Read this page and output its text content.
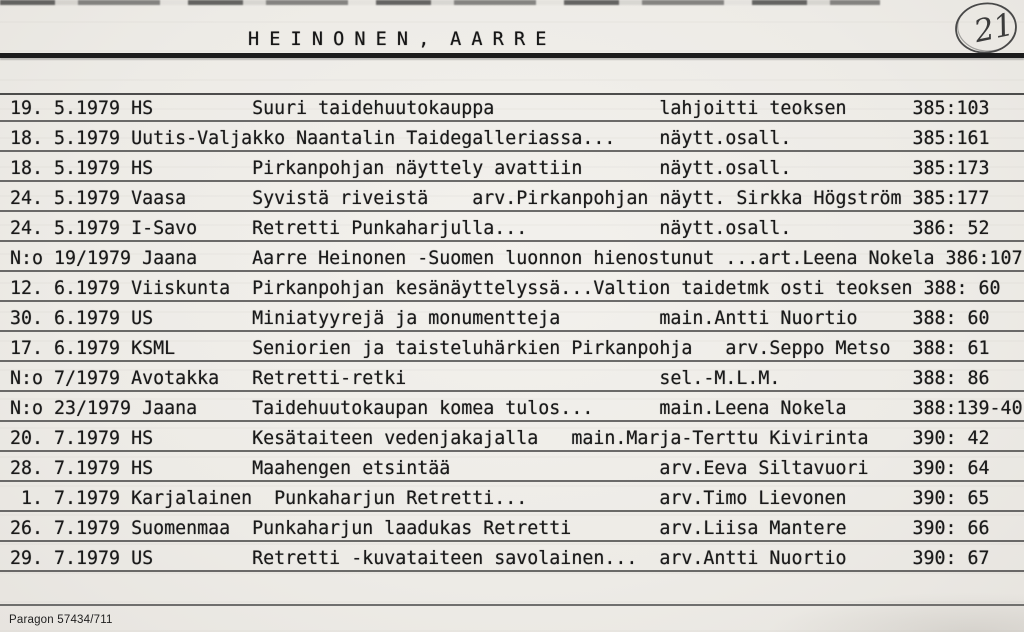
H E I N O N E N ,  A A R R E	21
19. 5.1979 HS         Suuri taidehuutokauppa               lahjoitti teoksen      385:103
18. 5.1979 Uutis-Valjakko Naantalin Taidegalleriassa...    näytt.osall.           385:161
18. 5.1979 HS         Pirkanpohjan näyttely avattiin       näytt.osall.           385:173
24. 5.1979 Vaasa      Syvistä riveistä    arv.Pirkanpohjan näytt. Sirkka Högström 385:177
24. 5.1979 I-Savo     Retretti Punkaharjulla...            näytt.osall.           386: 52
N:o 19/1979 Jaana     Aarre Heinonen -Suomen luonnon hienostunut ...art.Leena Nokela 386:107
12. 6.1979 Viiskunta  Pirkanpohjan kesänäyttelyssä...Valtion taidetmk osti teoksen 388: 60
30. 6.1979 US         Miniatyyrejä ja monumentteja         main.Antti Nuortio     388: 60
17. 6.1979 KSML       Seniorien ja taisteluhärkien Pirkanpohja   arv.Seppo Metso  388: 61
N:o 7/1979 Avotakka   Retretti-retki                       sel.-M.L.M.            388: 86
N:o 23/1979 Jaana     Taidehuutokaupan komea tulos...      main.Leena Nokela      388:139-40
20. 7.1979 HS         Kesätaiteen vedenjakajalla   main.Marja-Terttu Kivirinta    390: 42
28. 7.1979 HS         Maahengen etsintää                   arv.Eeva Siltavuori    390: 64
1. 7.1979 Karjalainen  Punkaharjun Retretti...            arv.Timo Lievonen      390: 65
26. 7.1979 Suomenmaa  Punkaharjun laadukas Retretti        arv.Liisa Mantere      390: 66
29. 7.1979 US         Retretti -kuvataiteen savolainen...  arv.Antti Nuortio      390: 67
Paragon 57434/711
